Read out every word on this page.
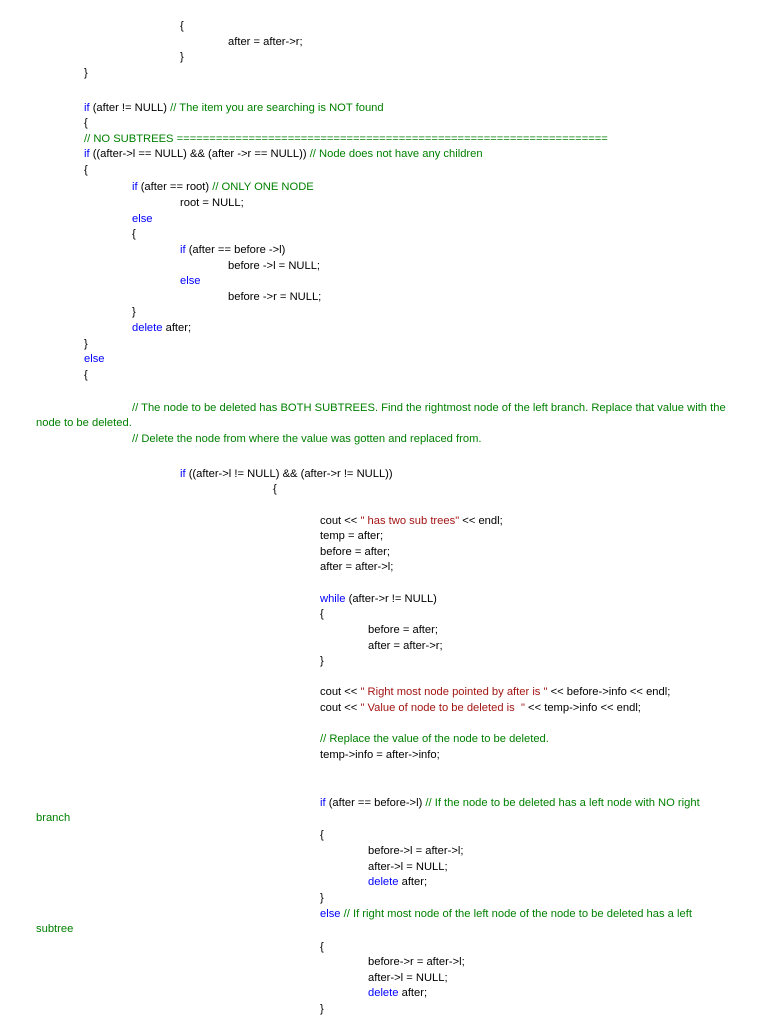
{
after = after->r;
}
}
if (after != NULL) // The item you are searching is NOT found
{
// NO SUBTREES ==================================================================
if ((after->l == NULL) && (after ->r == NULL)) // Node does not have any children
{
if (after == root) // ONLY ONE NODE
root = NULL;
else
{
if (after == before ->l)
before ->l = NULL;
else
before ->r = NULL;
}
delete after;
}
else
{
// The node to be deleted has BOTH SUBTREES. Find the rightmost node of the left branch. Replace that value with the
node to be deleted.
// Delete the node from where the value was gotten and replaced from.
if ((after->l != NULL) && (after->r != NULL))
{
cout << " has two sub trees" << endl;
temp = after;
before = after;
after = after->l;
while (after->r != NULL)
{
before = after;
after = after->r;
}
cout << " Right most node pointed by after is " << before->info << endl;
cout << " Value of node to be deleted is  " << temp->info << endl;
// Replace the value of the node to be deleted.
temp->info = after->info;
if (after == before->l) // If the node to be deleted has a left node with NO right
branch
{
before->l = after->l;
after->l = NULL;
delete after;
}
else // If right most node of the left node of the node to be deleted has a left
subtree
{
before->r = after->l;
after->l = NULL;
delete after;
}
